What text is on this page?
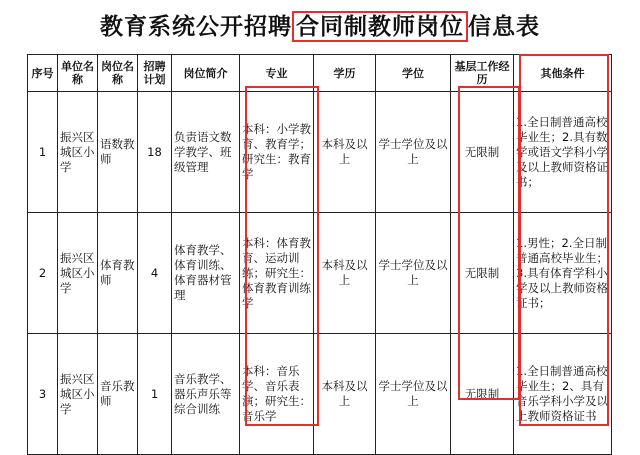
教育系统公开招聘 合同制教师岗位 信息表
序号	单位名称	岗位名称	招聘计划	岗位简介	专业	学历	学位	基层工作经历	其他条件
1	振兴区城区小学	语数教师	18	负责语文数学教学、班级管理	本科：小学教育、教育学；研究生：教育学	本科及以上	学士学位及以上	无限制	1.全日制普通高校毕业生；2.具有数学或语文学科小学及以上教师资格证书；
2	振兴区城区小学	体育教师	4	体育教学、体育训练、体育器材管理	本科：体育教育、运动训练；研究生：体育教育训练学	本科及以上	学士学位及以上	无限制	1.男性；2.全日制普通高校毕业生；3.具有体育学科小学及以上教师资格证书；
3	振兴区城区小学	音乐教师	1	音乐教学、器乐声乐等综合训练	本科：音乐学、音乐表演；研究生：音乐学	本科及以上	学士学位及以上	无限制	1.全日制普通高校毕业生；2、具有音乐学科小学及以上教师资格证书
